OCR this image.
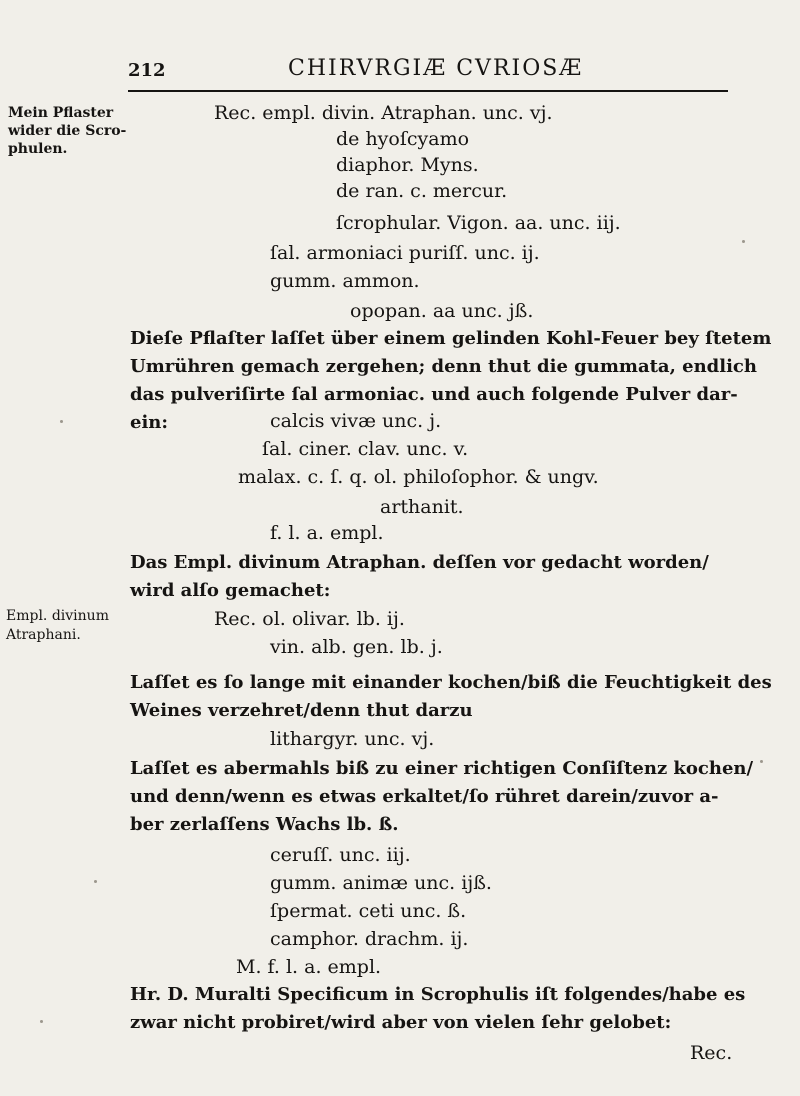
212	CHIRVRGIÆ CVRIOSÆ
Mein Pflaster
wider die Scro-
phulen.
Empl. divinum
Atraphani.
Rec. empl. divin. Atraphan. unc. vj.
de hyoſcyamo
diaphor. Myns.
de ran. c. mercur.
ſcrophular. Vigon. aa. unc. iij.
ſal. armoniaci puriſſ. unc. ij.
gumm. ammon.
opopan. aa unc. jß.
Dieſe Pflaſter laſſet über einem gelinden Kohl-Feuer bey ſtetem
Umrühren gemach zergehen; denn thut die gummata, endlich
das pulveriſirte ſal armoniac. und auch folgende Pulver dar-
ein:	calcis vivæ unc. j.
ſal. ciner. clav. unc. v.
malax. c. ſ. q. ol. philoſophor. & ungv.
arthanit.
f. l. a. empl.
Das Empl. divinum Atraphan. deſſen vor gedacht worden/
wird alſo gemachet:
Rec. ol. olivar. lb. ij.
vin. alb. gen. lb. j.
Laſſet es ſo lange mit einander kochen/biß die Feuchtigkeit des
Weines verzehret/denn thut darzu
lithargyr. unc. vj.
Laſſet es abermahls biß zu einer richtigen Conſiſtenz kochen/
und denn/wenn es etwas erkaltet/ſo rühret darein/zuvor a-
ber zerlaſſens Wachs lb. ß.
ceruſſ. unc. iij.
gumm. animæ unc. ijß.
ſpermat. ceti unc. ß.
camphor. drachm. ij.
M. f. l. a. empl.
Hr. D. Muralti Specificum in Scrophulis iſt folgendes/habe es
zwar nicht probiret/wird aber von vielen ſehr gelobet:
Rec.
